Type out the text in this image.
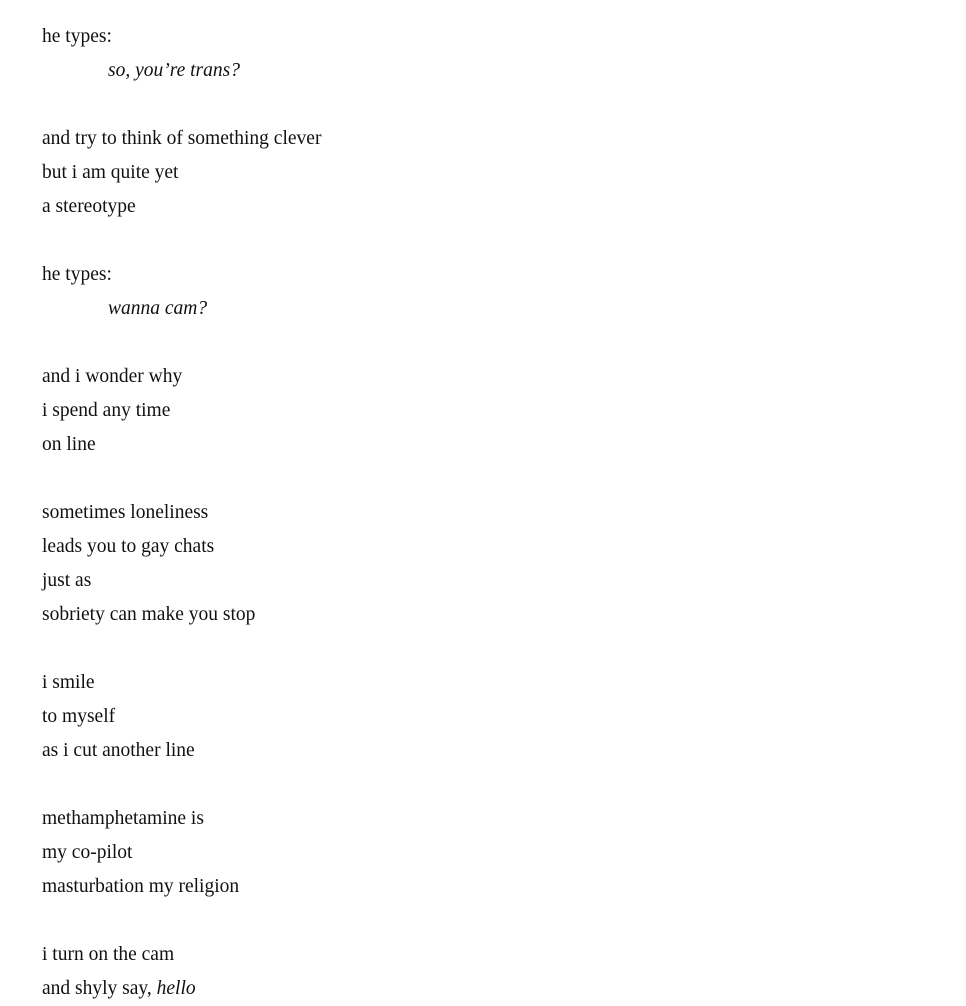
he types:
so, you’re trans?
and try to think of something clever
but i am quite yet
a stereotype
he types:
wanna cam?
and i wonder why
i spend any time
on line
sometimes loneliness
leads you to gay chats
just as
sobriety can make you stop
i smile
to myself
as i cut another line
methamphetamine is
my co-pilot
masturbation my religion
i turn on the cam
and shyly say, hello
